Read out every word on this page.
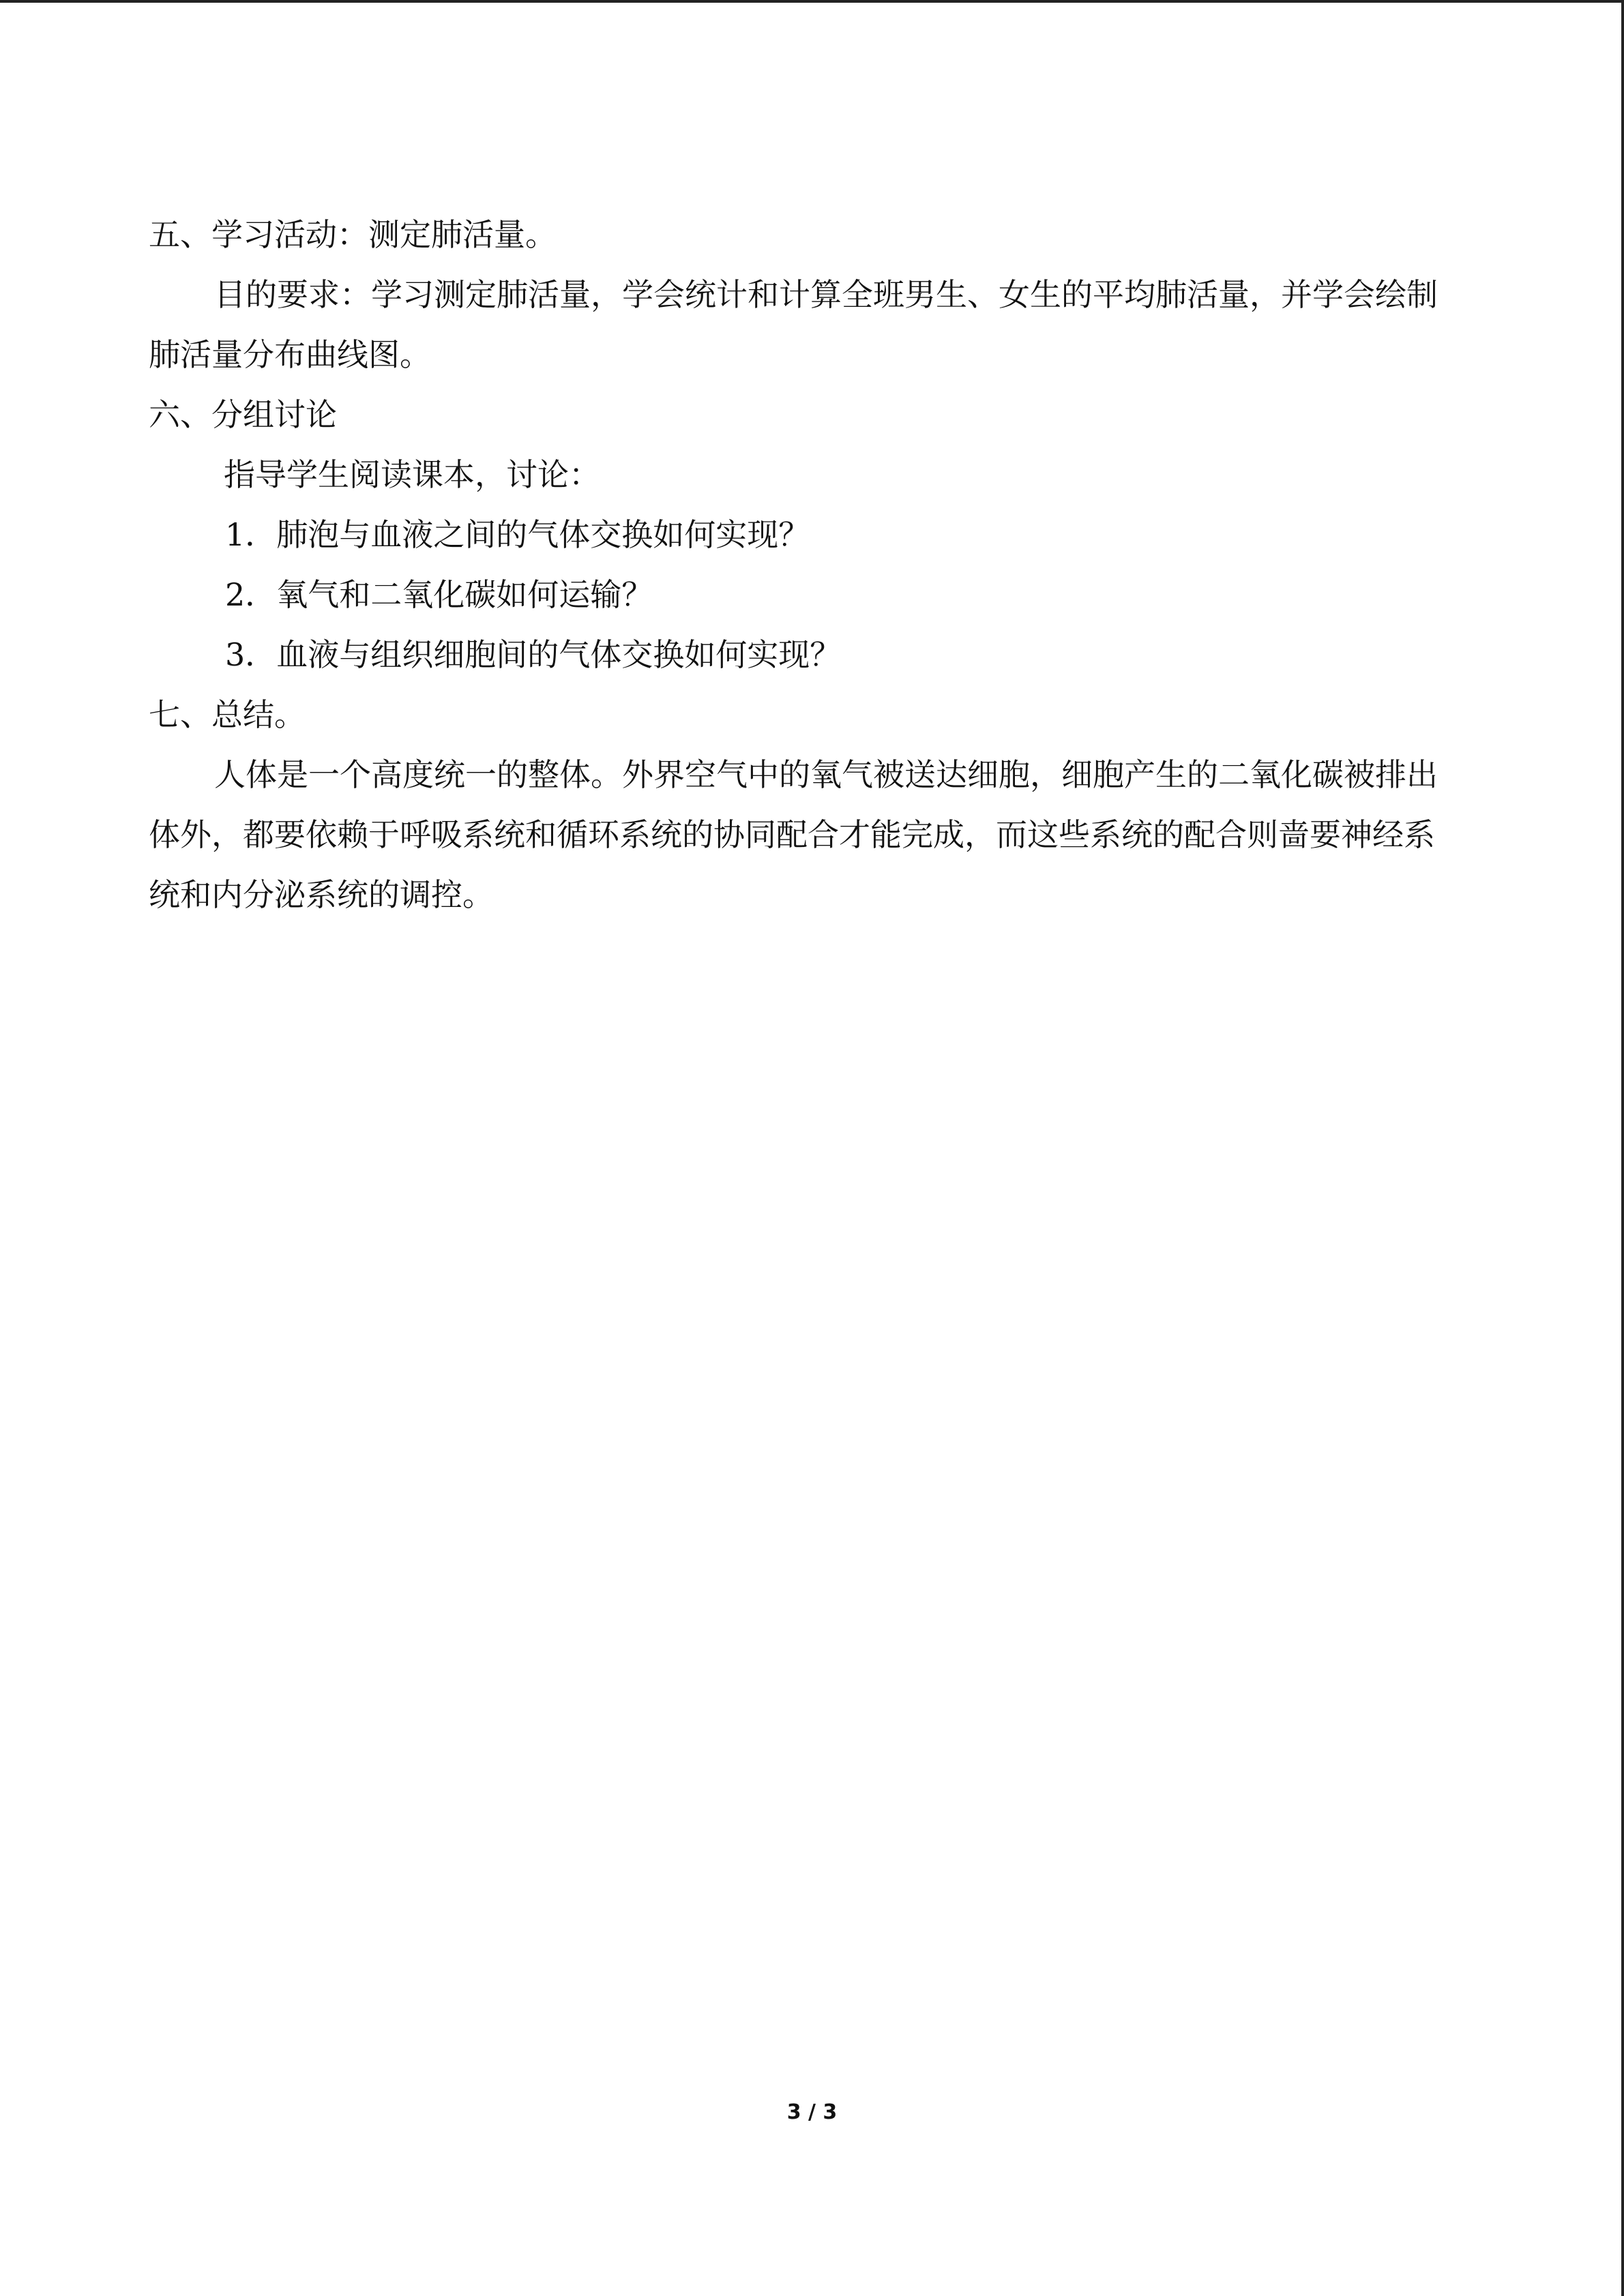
五、学习活动：测定肺活量。

目的要求：学习测定肺活量，学会统计和计算全班男生、女生的平均肺活量，并学会绘制肺活量分布曲线图。

六、分组讨论

指导学生阅读课本，讨论：

1．肺泡与血液之间的气体交换如何实现？

2．氧气和二氧化碳如何运输？

3．血液与组织细胞间的气体交换如何实现？

七、总结。

人体是一个高度统一的整体。外界空气中的氧气被送达细胞，细胞产生的二氧化碳被排出体外，都要依赖于呼吸系统和循环系统的协同配合才能完成，而这些系统的配合则啬要神经系统和内分泌系统的调控。

3 / 3
